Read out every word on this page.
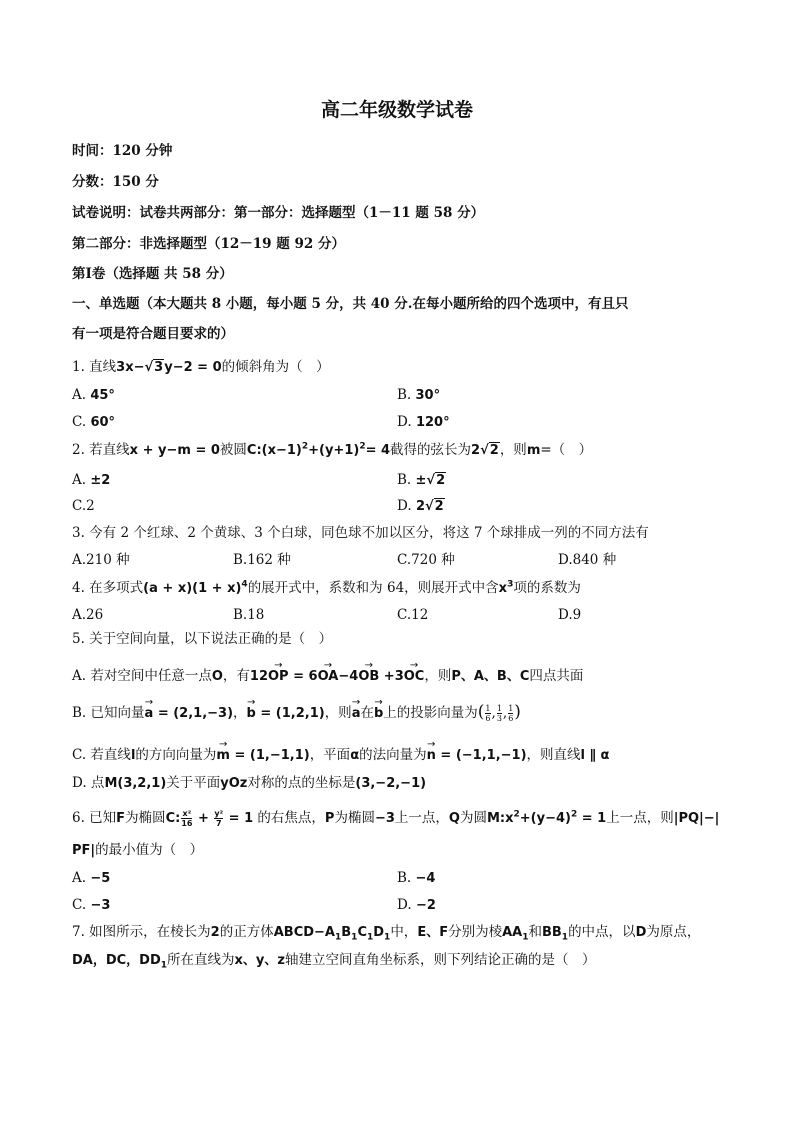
高二年级数学试卷
时间：120 分钟
分数：150 分
试卷说明：试卷共两部分：第一部分：选择题型（1－11 题 58 分）
第二部分：非选择题型（12－19 题 92 分）
第Ⅰ卷（选择题 共 58 分）
一、单选题（本大题共 8 小题，每小题 5 分，共 40 分.在每小题所给的四个选项中，有且只
有一项是符合题目要求的）
1. 直线3x−√3y−2 = 0的倾斜角为（　）
A. 45°	B. 30°
C. 60°	D. 120°
2. 若直线x + y−m = 0被圆$C:(x-1)^2+(y+1)^2= 4$截得的弦长为2√2，则m=（　）
A. ±2	B. ±√2
C.2	D. 2√2
3. 今有 2 个红球、2 个黄球、3 个白球，同色球不加以区分，将这 7 个球排成一列的不同方法有
A.210 种	B.162 种	C.720 种	D.840 种
4. 在多项式$(a + x)(1 + x)^4$的展开式中，系数和为 64，则展开式中含$x^3$项的系数为
A.26	B.18	C.12	D.9
5. 关于空间向量，以下说法正确的是（　）
A. 若对空间中任意一点O，有12→ OP = 6→ OA−4→ OB +3→ OC，则P、A、B、C四点共面
B. 已知向量→ a = (2,1,−3)，→ b = (1,2,1)，则→ a在→ b上的投影向量为( $\frac{1}{6}$ , $\frac{1}{3}$ , $\frac{1}{6}$ )
C. 若直线l的方向向量为→ m = (1,−1,1)，平面α的法向量为→ n = (−1,1,−1)，则直线l ∥ α
D. 点M(3,2,1)关于平面yOz对称的点的坐标是(3,−2,−1)
6. 已知F为椭圆C: $\frac{\text{x²}}{16} + \frac{\text{y²}}{7} = 1$ 的右焦点，P为椭圆−3上一点，Q为圆$M:x^2+(y-4)^2 = 1$上一点，则|PQ|−|
PF|的最小值为（　）
A. −5	B. −4
C. −3	D. −2
7. 如图所示，在棱长为2的正方体$ABCD-A_1B_1C_1D_1$中，E、F分别为棱$AA_1$和$BB_1$的中点，以D为原点，
DA，DC，$DD_1$所在直线为x、y、z轴建立空间直角坐标系，则下列结论正确的是（　）
